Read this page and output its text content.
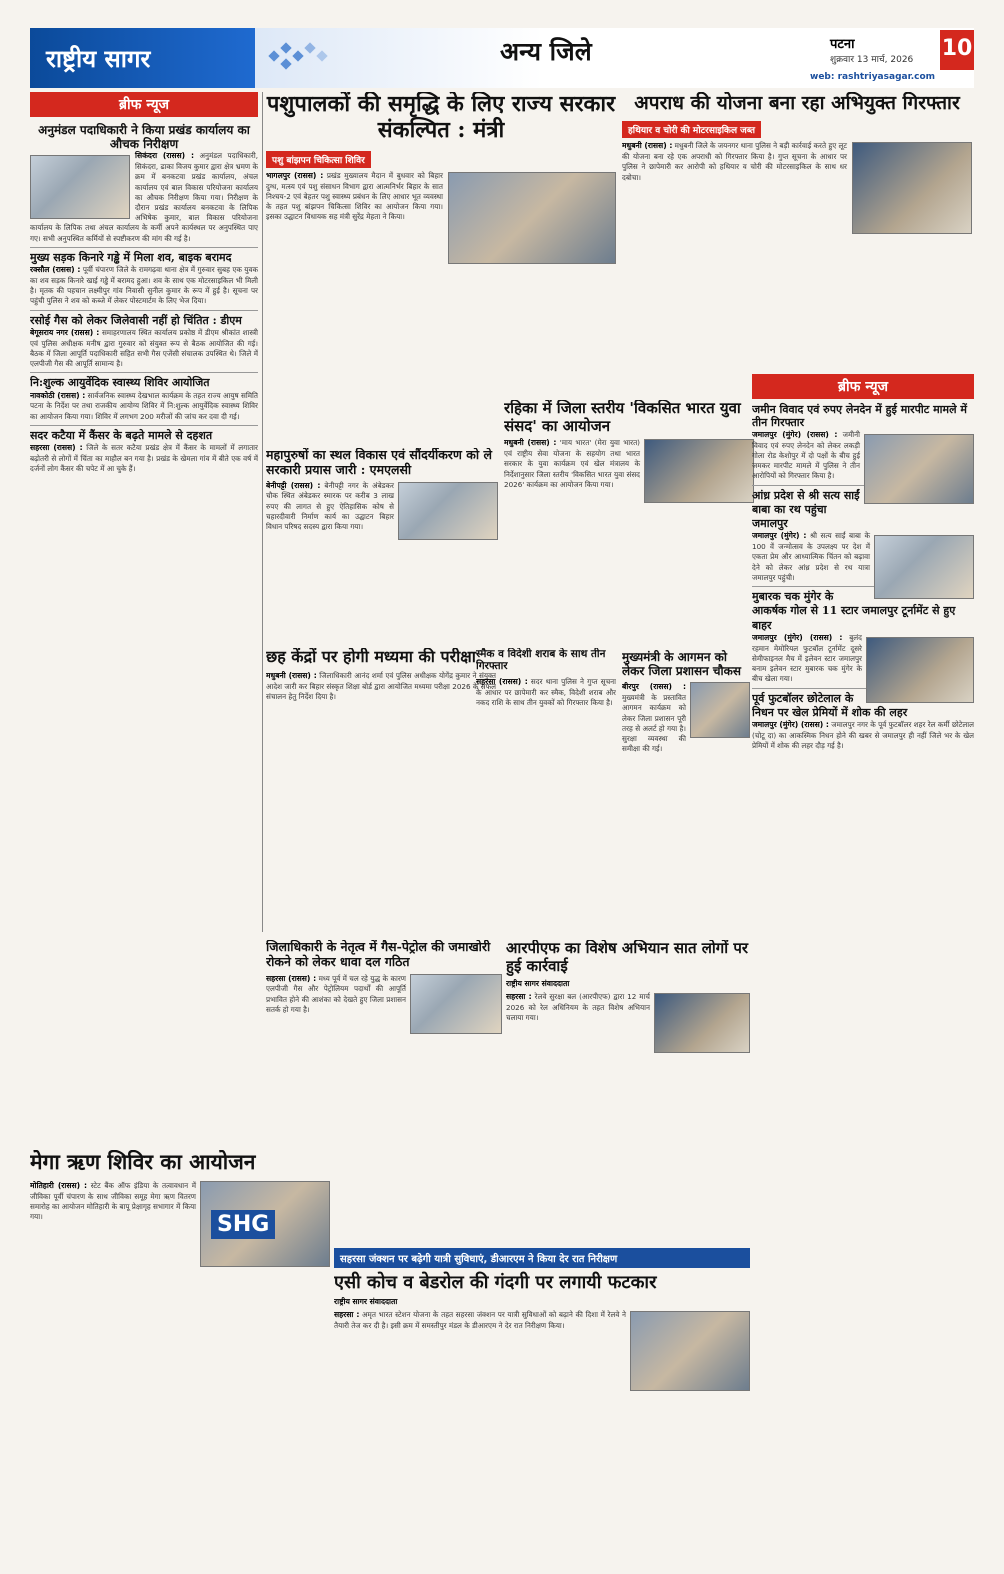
राष्ट्रीय सागर	अन्य जिले	पटना
शुक्रवार 13 मार्च, 2026
web: rashtriyasagar.com
10
ब्रीफ न्यूज
अनुमंडल पदाधिकारी ने किया प्रखंड कार्यालय का औचक निरीक्षण
सिकंदरा (रासस) : अनुमंडल पदाधिकारी, सिकंदरा, ढाका विजय कुमार द्वारा क्षेत्र भ्रमण के क्रम में बनकटवा प्रखंड कार्यालय, अंचल कार्यालय एवं बाल विकास परियोजना कार्यालय का औचक निरीक्षण किया गया। निरीक्षण के दौरान प्रखंड कार्यालय बनकटवा के लिपिक अभिषेक कुमार, बाल विकास परियोजना कार्यालय के लिपिक तथा अंचल कार्यालय के कर्मी अपने कार्यस्थल पर अनुपस्थित पाए गए। सभी अनुपस्थित कर्मियों से स्पष्टीकरण की मांग की गई है।
मुख्य सड़क किनारे गड्ढे में मिला शव, बाइक बरामद
रक्सौल (रासस) : पूर्वी चंपारण जिले के रामगढ़वा थाना क्षेत्र में गुरुवार सुबह एक युवक का शव सड़क किनारे खाई गड्ढे में बरामद हुआ। शव के साथ एक मोटरसाइकिल भी मिली है। मृतक की पहचान लक्ष्मीपुर गांव निवासी सुनील कुमार के रूप में हुई है। सूचना पर पहुंची पुलिस ने शव को कब्जे में लेकर पोस्टमार्टम के लिए भेज दिया।
रसोई गैस को लेकर जिलेवासी नहीं हो चिंतित : डीएम
बेगूसराय नगर (रासस) : समाहरणालय स्थित कार्यालय प्रकोष्ठ में डीएम श्रीकांत शास्त्री एवं पुलिस अधीक्षक मनीष द्वारा गुरुवार को संयुक्त रूप से बैठक आयोजित की गई। बैठक में जिला आपूर्ति पदाधिकारी सहित सभी गैस एजेंसी संचालक उपस्थित थे। जिले में एलपीजी गैस की आपूर्ति सामान्य है।
नि:शुल्क आयुर्वेदिक स्वास्थ्य शिविर आयोजित
नावकोठी (रासस) : सार्वजनिक स्वास्थ्य देखभाल कार्यक्रम के तहत राज्य आयुष समिति पटना के निर्देश पर तथा राजकीय आयोग्य शिविर में नि:शुल्क आयुर्वेदिक स्वास्थ्य शिविर का आयोजन किया गया। शिविर में लगभग 200 मरीजों की जांच कर दवा दी गई।
सदर कटैया में कैंसर के बढ़ते मामले से दहशत
सहरसा (रासस) : जिले के सतर कटैया प्रखंड क्षेत्र में कैंसर के मामलों में लगातार बढ़ोतरी से लोगों में चिंता का माहौल बन गया है। प्रखंड के खेमला गांव में बीते एक वर्ष में दर्जनों लोग कैंसर की चपेट में आ चुके हैं।
पशुपालकों की समृद्धि के लिए राज्य सरकार संकल्पित : मंत्री
पशु बांझपन चिकित्सा शिविर
भागलपुर (रासस) : प्रखंड मुख्यालय मैदान में बुधवार को बिहार दुग्ध, मत्स्य एवं पशु संसाधन विभाग द्वारा आत्मनिर्भर बिहार के सात निश्चय-2 एवं बेहतर पशु स्वास्थ्य प्रबंधन के लिए आधार भूत व्यवस्था के तहत पशु बांझपन चिकित्सा शिविर का आयोजन किया गया। इसका उद्घाटन विधायक सह मंत्री सुरेंद्र मेहता ने किया।
अपराध की योजना बना रहा अभियुक्त गिरफ्तार
हथियार व चोरी की मोटरसाइकिल जब्त
मधुबनी (रासस) : मधुबनी जिले के जयनगर थाना पुलिस ने बड़ी कार्रवाई करते हुए लूट की योजना बना रहे एक अपराधी को गिरफ्तार किया है। गुप्त सूचना के आधार पर पुलिस ने छापेमारी कर आरोपी को हथियार व चोरी की मोटरसाइकिल के साथ धर दबोचा।
महापुरुषों का स्थल विकास एवं सौंदर्यीकरण को ले सरकारी प्रयास जारी : एमएलसी
बेनीपट्टी (रासस) : बेनीपट्टी नगर के अंबेडकर चौक स्थित अंबेडकर स्मारक पर करीब 3 लाख रुपए की लागत से हुए ऐतिहासिक कोष से चहारदीवारी निर्माण कार्य का उद्घाटन बिहार विधान परिषद सदस्य द्वारा किया गया।
रहिका में जिला स्तरीय 'विकसित भारत युवा संसद' का आयोजन
मधुबनी (रासस) : 'माय भारत' (मेरा युवा भारत) एवं राष्ट्रीय सेवा योजना के सहयोग तथा भारत सरकार के युवा कार्यक्रम एवं खेल मंत्रालय के निर्देशानुसार जिला स्तरीय 'विकसित भारत युवा संसद 2026' कार्यक्रम का आयोजन किया गया।
छह केंद्रों पर होगी मध्यमा की परीक्षा
मधुबनी (रासस) : जिलाधिकारी आनंद शर्मा एवं पुलिस अधीक्षक योगेंद्र कुमार ने संयुक्त आदेश जारी कर बिहार संस्कृत शिक्षा बोर्ड द्वारा आयोजित मध्यमा परीक्षा 2026 के सफल संचालन हेतु निर्देश दिया है।
स्मैक व विदेशी शराब के साथ तीन गिरफ्तार
सहरसा (रासस) : सदर थाना पुलिस ने गुप्त सूचना के आधार पर छापेमारी कर स्मैक, विदेशी शराब और नकद राशि के साथ तीन युवकों को गिरफ्तार किया है।
मुख्यमंत्री के आगमन को लेकर जिला प्रशासन चौकस
बीरपुर (रासस) : मुख्यमंत्री के प्रस्तावित आगमन कार्यक्रम को लेकर जिला प्रशासन पूरी तरह से अलर्ट हो गया है। सुरक्षा व्यवस्था की समीक्षा की गई।
जिलाधिकारी के नेतृत्व में गैस-पेट्रोल की जमाखोरी रोकने को लेकर धावा दल गठित
सहरसा (रासस) : मध्य पूर्व में चल रहे युद्ध के कारण एलपीजी गैस और पेट्रोलियम पदार्थों की आपूर्ति प्रभावित होने की आशंका को देखते हुए जिला प्रशासन सतर्क हो गया है।
आरपीएफ का विशेष अभियान सात लोगों पर हुई कार्रवाई
राष्ट्रीय सागर संवाददाता
सहरसा : रेलवे सुरक्षा बल (आरपीएफ) द्वारा 12 मार्च 2026 को रेल अधिनियम के तहत विशेष अभियान चलाया गया।
ब्रीफ न्यूज
जमीन विवाद एवं रुपए लेनदेन में हुई मारपीट मामले में तीन गिरफ्तार
जमालपुर (मुंगेर) (रासस) : जमीनी विवाद एवं रुपए लेनदेन को लेकर लकड़ी गोला रोड केशोपुर में दो पक्षों के बीच हुई जमकर मारपीट मामले में पुलिस ने तीन आरोपियों को गिरफ्तार किया है।
आंध्र प्रदेश से श्री सत्य साईं बाबा का रथ पहुंचा जमालपुर
जमालपुर (मुंगेर) : श्री सत्य साईं बाबा के 100 वें जन्मोत्सव के उपलक्ष्य पर देश में एकता प्रेम और आध्यात्मिक चिंतन को बढ़ावा देने को लेकर आंध्र प्रदेश से रथ यात्रा जमालपुर पहुंची।
मुबारक चक मुंगेर के आकर्षक गोल से 11 स्टार जमालपुर टूर्नामेंट से हुए बाहर
जमालपुर (मुंगेर) (रासस) : बुलंद रहमान मेमोरियल फुटबॉल टूर्नामेंट दूसरे सेमीफाइनल मैच में इलेवन स्टार जमालपुर बनाम इलेवन स्टार मुबारक चक मुंगेर के बीच खेला गया।
पूर्व फुटबॉलर छोटेलाल के निधन पर खेल प्रेमियों में शोक की लहर
जमालपुर (मुंगेर) (रासस) : जमालपुर नगर के पूर्व फुटबॉलर शहर रेल कर्मी छोटेलाल (चोटू दा) का आकस्मिक निधन होने की खबर से जमालपुर ही नहीं जिले भर के खेल प्रेमियों में शोक की लहर दौड़ गई है।
मेगा ऋण शिविर का आयोजन
SHG
मोतिहारी (रासस) : स्टेट बैंक ऑफ इंडिया के तत्वावधान में जीविका पूर्वी चंपारण के साथ जीविका समूह मेगा ऋण वितरण समारोह का आयोजन मोतिहारी के बापू प्रेक्षागृह सभागार में किया गया।
सहरसा जंक्शन पर बढ़ेगी यात्री सुविधाएं, डीआरएम ने किया देर रात निरीक्षण
एसी कोच व बेडरोल की गंदगी पर लगायी फटकार
राष्ट्रीय सागर संवाददाता
सहरसा : अमृत भारत स्टेशन योजना के तहत सहरसा जंक्शन पर यात्री सुविधाओं को बढ़ाने की दिशा में रेलवे ने तैयारी तेज कर दी है। इसी क्रम में समस्तीपुर मंडल के डीआरएम ने देर रात निरीक्षण किया।
